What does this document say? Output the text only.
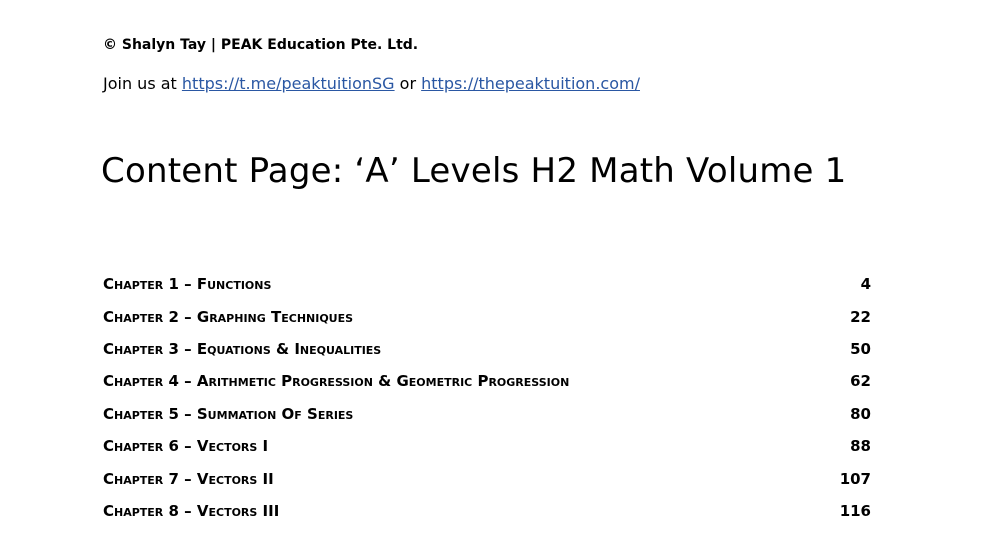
© Shalyn Tay | PEAK Education Pte. Ltd.
Join us at https://t.me/peaktuitionSG or https://thepeaktuition.com/
Content Page: ‘A’ Levels H2 Math Volume 1
Chapter 1 – Functions	4
Chapter 2 – Graphing Techniques	22
Chapter 3 – Equations & Inequalities	50
Chapter 4 – Arithmetic Progression & Geometric Progression	62
Chapter 5 – Summation Of Series	80
Chapter 6 – Vectors I	88
Chapter 7 – Vectors II	107
Chapter 8 – Vectors III	116
